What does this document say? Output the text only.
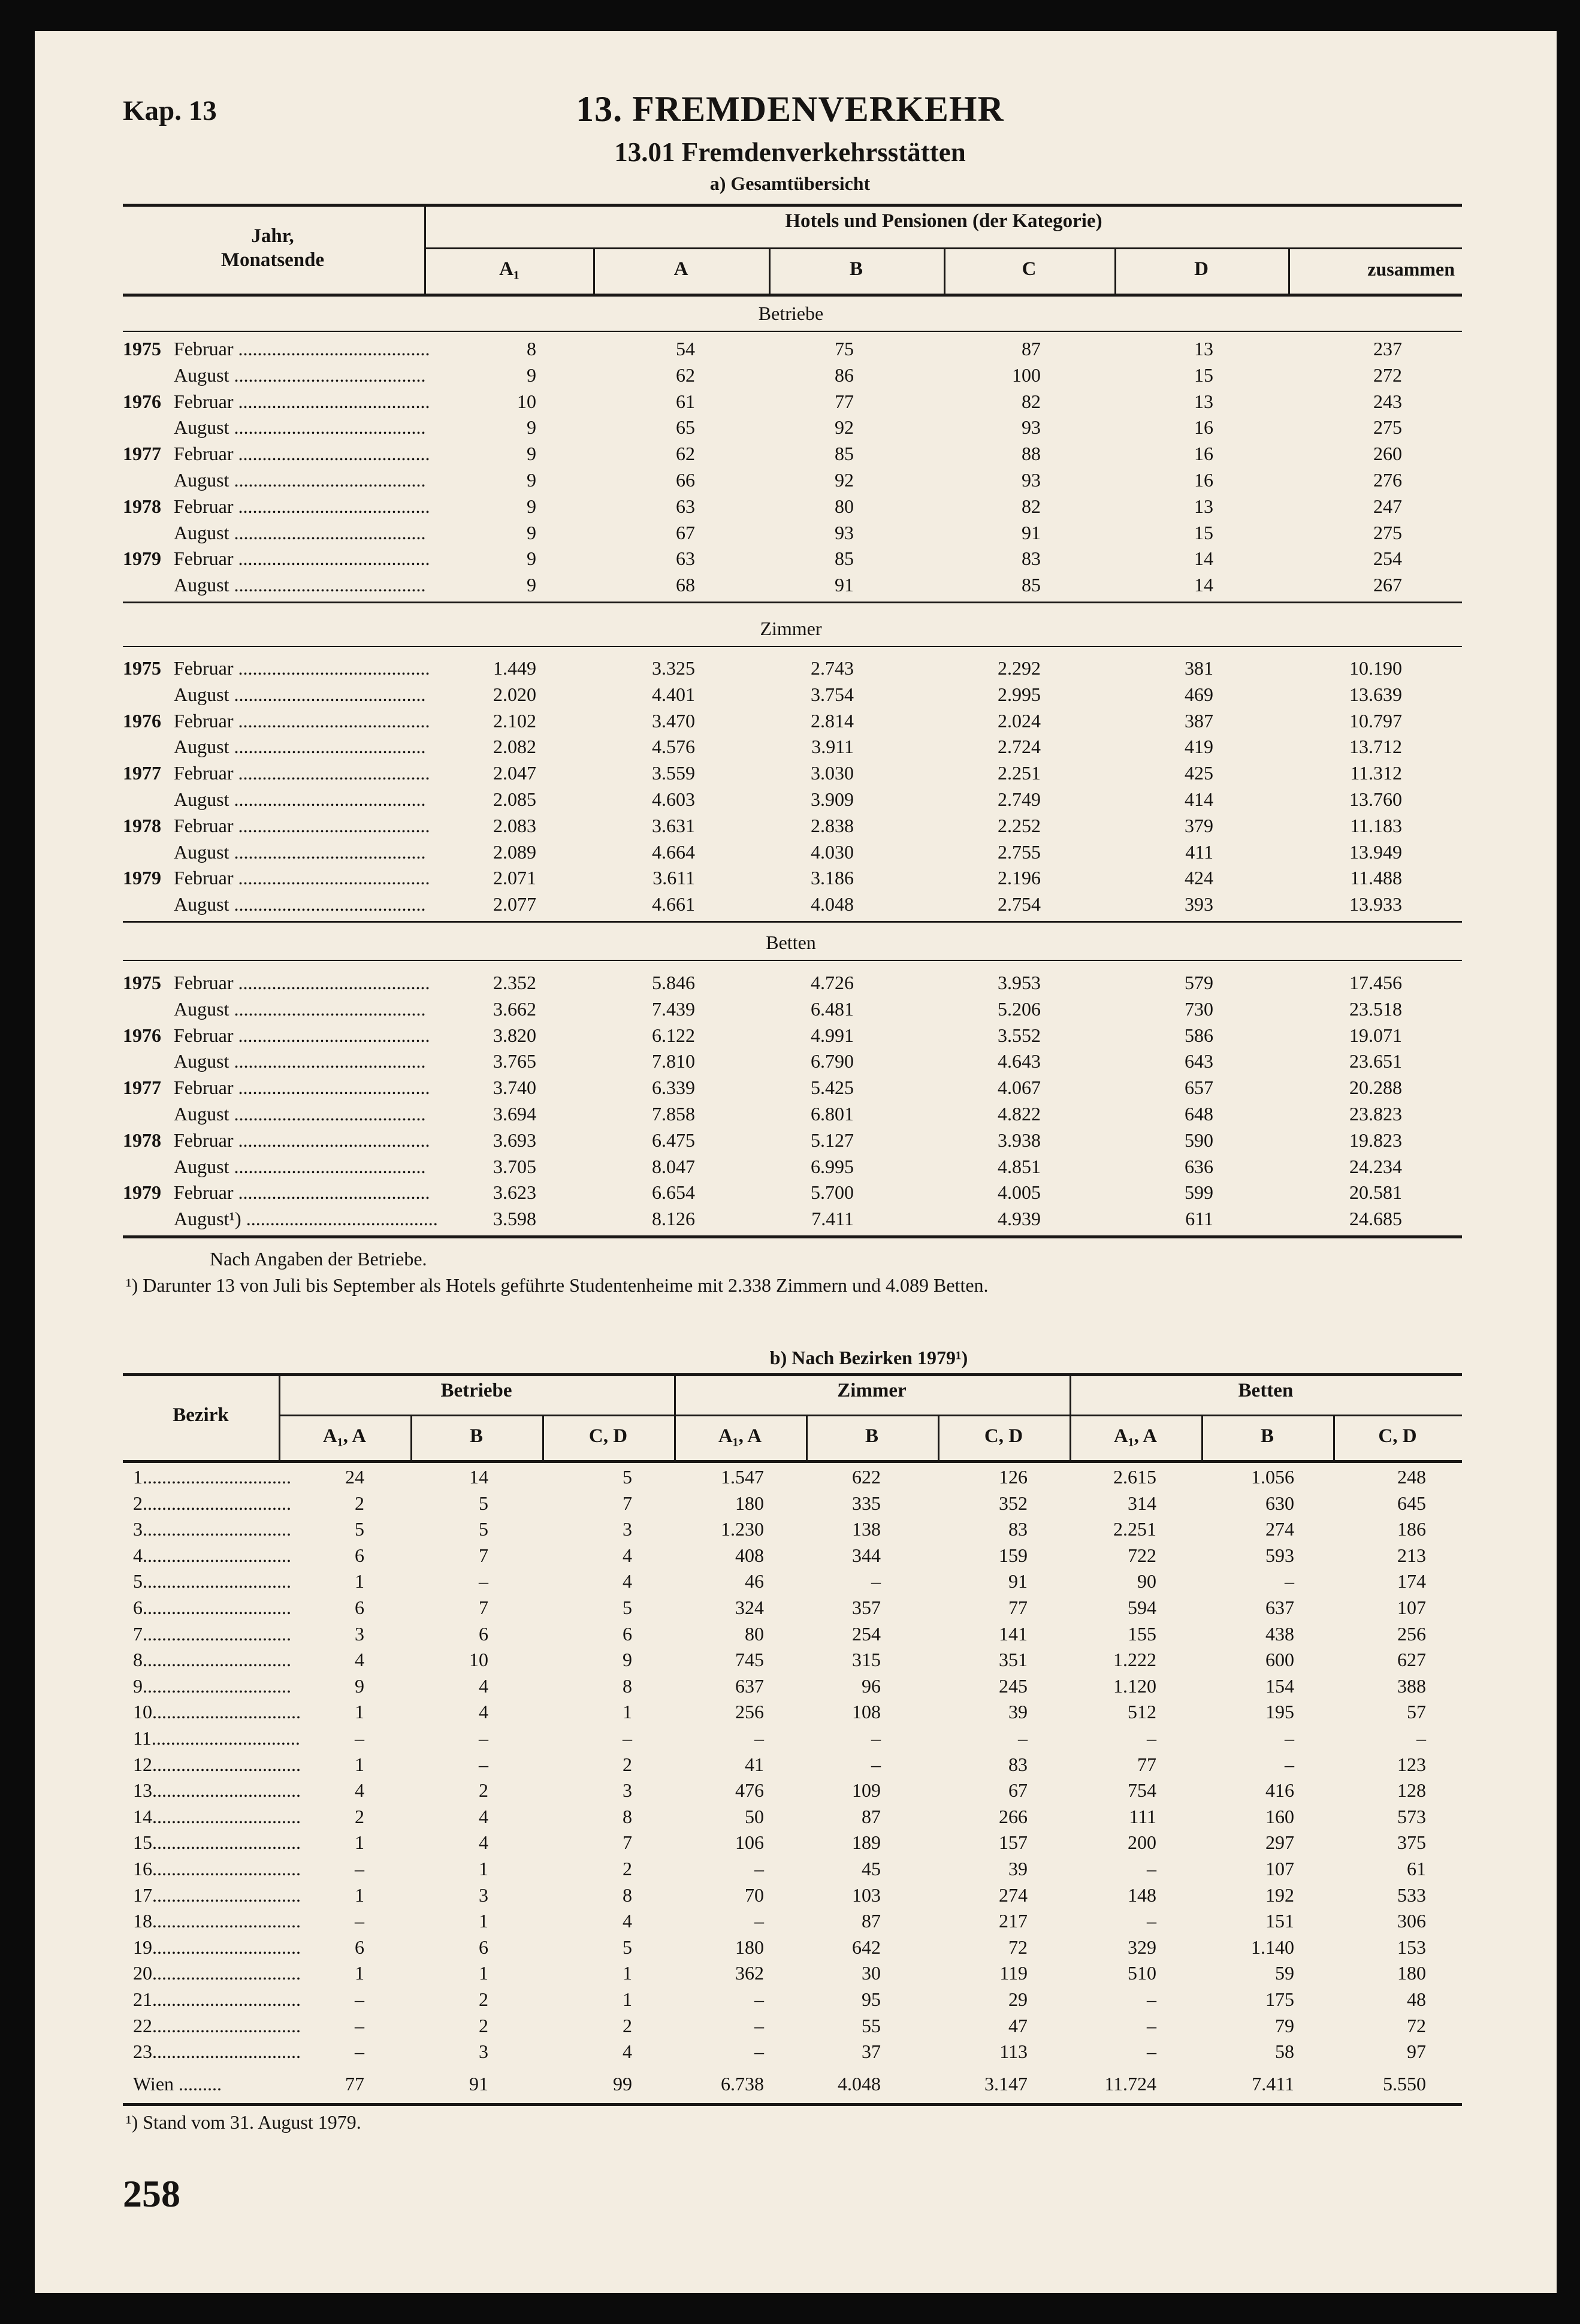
Kap. 13	13. FREMDENVERKEHR
13.01 Fremdenverkehrsstätten
a) Gesamtübersicht
Jahr,
Monatsende
Hotels und Pensionen (der Kategorie)
A₁	A	B	C	D	zusammen
Betriebe
1975 Februar ........................................	8	54	75	87	13	237
August ........................................	9	62	86	100	15	272
1976 Februar ........................................	10	61	77	82	13	243
August ........................................	9	65	92	93	16	275
1977 Februar ........................................	9	62	85	88	16	260
August ........................................	9	66	92	93	16	276
1978 Februar ........................................	9	63	80	82	13	247
August ........................................	9	67	93	91	15	275
1979 Februar ........................................	9	63	85	83	14	254
August ........................................	9	68	91	85	14	267
Zimmer
1975 Februar ........................................	1.449	3.325	2.743	2.292	381	10.190
August ........................................	2.020	4.401	3.754	2.995	469	13.639
1976 Februar ........................................	2.102	3.470	2.814	2.024	387	10.797
August ........................................	2.082	4.576	3.911	2.724	419	13.712
1977 Februar ........................................	2.047	3.559	3.030	2.251	425	11.312
August ........................................	2.085	4.603	3.909	2.749	414	13.760
1978 Februar ........................................	2.083	3.631	2.838	2.252	379	11.183
August ........................................	2.089	4.664	4.030	2.755	411	13.949
1979 Februar ........................................	2.071	3.611	3.186	2.196	424	11.488
August ........................................	2.077	4.661	4.048	2.754	393	13.933
Betten
1975 Februar ........................................	2.352	5.846	4.726	3.953	579	17.456
August ........................................	3.662	7.439	6.481	5.206	730	23.518
1976 Februar ........................................	3.820	6.122	4.991	3.552	586	19.071
August ........................................	3.765	7.810	6.790	4.643	643	23.651
1977 Februar ........................................	3.740	6.339	5.425	4.067	657	20.288
August ........................................	3.694	7.858	6.801	4.822	648	23.823
1978 Februar ........................................	3.693	6.475	5.127	3.938	590	19.823
August ........................................	3.705	8.047	6.995	4.851	636	24.234
1979 Februar ........................................	3.623	6.654	5.700	4.005	599	20.581
August¹) ........................................	3.598	8.126	7.411	4.939	611	24.685
Nach Angaben der Betriebe.
¹) Darunter 13 von Juli bis September als Hotels geführte Studentenheime mit 2.338 Zimmern und 4.089 Betten.
b) Nach Bezirken 1979¹)
Bezirk
Betriebe	Zimmer	Betten
A₁, A	B	C, D	A₁, A	B	C, D	A₁, A	B	C, D
1...............................	24	14	5	1.547	622	126	2.615	1.056	248
2...............................	2	5	7	180	335	352	314	630	645
3...............................	5	5	3	1.230	138	83	2.251	274	186
4...............................	6	7	4	408	344	159	722	593	213
5...............................	1	–	4	46	–	91	90	–	174
6...............................	6	7	5	324	357	77	594	637	107
7...............................	3	6	6	80	254	141	155	438	256
8...............................	4	10	9	745	315	351	1.222	600	627
9...............................	9	4	8	637	96	245	1.120	154	388
10...............................	1	4	1	256	108	39	512	195	57
11...............................	–	–	–	–	–	–	–	–	–
12...............................	1	–	2	41	–	83	77	–	123
13...............................	4	2	3	476	109	67	754	416	128
14...............................	2	4	8	50	87	266	111	160	573
15...............................	1	4	7	106	189	157	200	297	375
16...............................	–	1	2	–	45	39	–	107	61
17...............................	1	3	8	70	103	274	148	192	533
18...............................	–	1	4	–	87	217	–	151	306
19...............................	6	6	5	180	642	72	329	1.140	153
20...............................	1	1	1	362	30	119	510	59	180
21...............................	–	2	1	–	95	29	–	175	48
22...............................	–	2	2	–	55	47	–	79	72
23...............................	–	3	4	–	37	113	–	58	97
Wien .........	77	91	99	6.738	4.048	3.147	11.724	7.411	5.550
¹) Stand vom 31. August 1979.
258
